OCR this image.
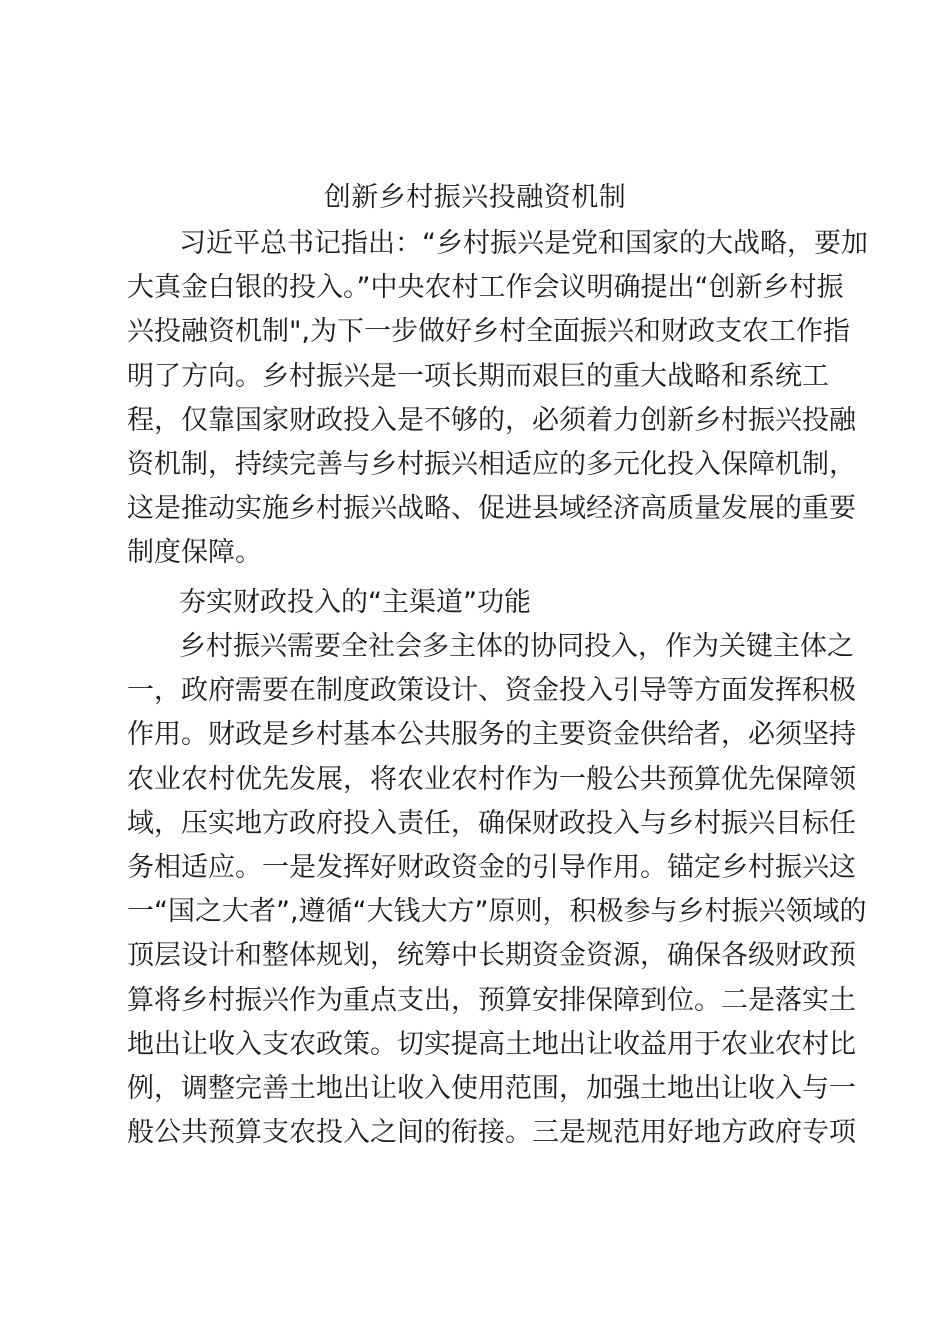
创新乡村振兴投融资机制
习近平总书记指出：“乡村振兴是党和国家的大战略，要加
大真金白银的投入。”中央农村工作会议明确提出“创新乡村振
兴投融资机制",为下一步做好乡村全面振兴和财政支农工作指
明了方向。乡村振兴是一项长期而艰巨的重大战略和系统工
程，仅靠国家财政投入是不够的，必须着力创新乡村振兴投融
资机制，持续完善与乡村振兴相适应的多元化投入保障机制，
这是推动实施乡村振兴战略、促进县域经济高质量发展的重要
制度保障。
夯实财政投入的“主渠道”功能
乡村振兴需要全社会多主体的协同投入，作为关键主体之
一，政府需要在制度政策设计、资金投入引导等方面发挥积极
作用。财政是乡村基本公共服务的主要资金供给者，必须坚持
农业农村优先发展，将农业农村作为一般公共预算优先保障领
域，压实地方政府投入责任，确保财政投入与乡村振兴目标任
务相适应。一是发挥好财政资金的引导作用。锚定乡村振兴这
一“国之大者”,遵循“大钱大方”原则，积极参与乡村振兴领域的
顶层设计和整体规划，统筹中长期资金资源，确保各级财政预
算将乡村振兴作为重点支出，预算安排保障到位。二是落实土
地出让收入支农政策。切实提高土地出让收益用于农业农村比
例，调整完善土地出让收入使用范围，加强土地出让收入与一
般公共预算支农投入之间的衔接。三是规范用好地方政府专项
